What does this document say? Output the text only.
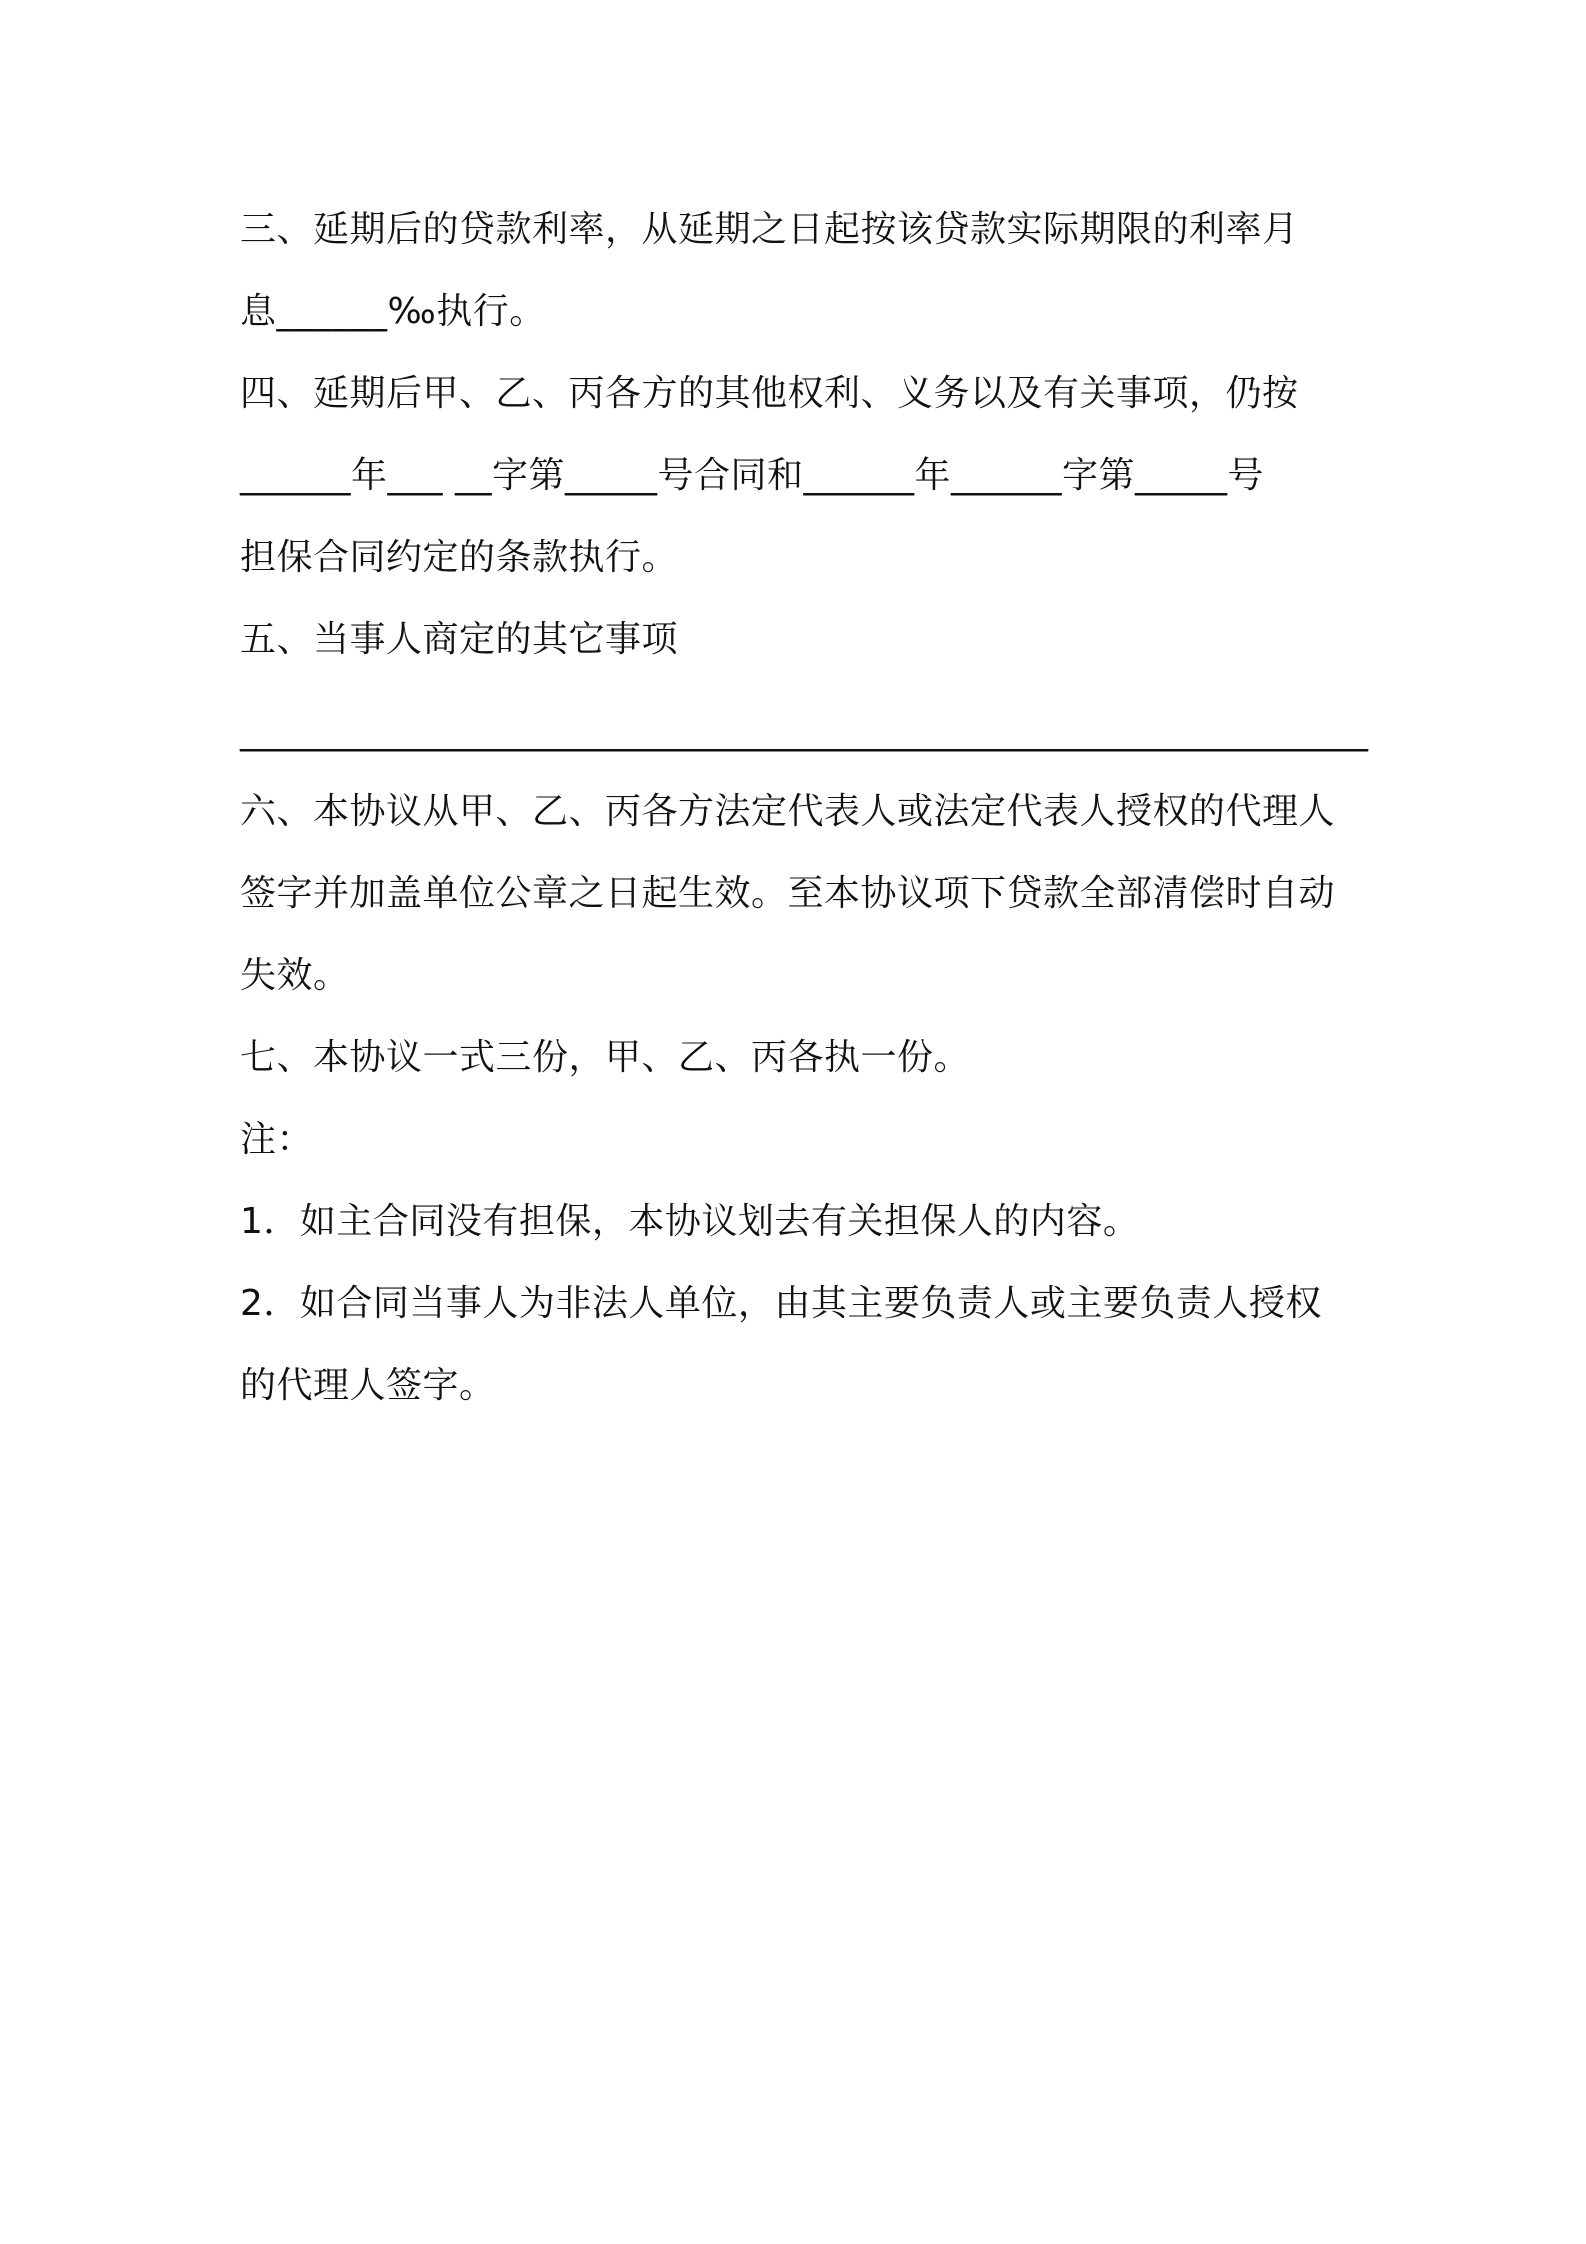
三、延期后的贷款利率，从延期之日起按该贷款实际期限的利率月
息______‰执行。
四、延期后甲、乙、丙各方的其他权利、义务以及有关事项，仍按
______年___ __字第_____号合同和______年______字第_____号
担保合同约定的条款执行。
五、当事人商定的其它事项
_____________________________________________________________
六、本协议从甲、乙、丙各方法定代表人或法定代表人授权的代理人
签字并加盖单位公章之日起生效。至本协议项下贷款全部清偿时自动
失效。
七、本协议一式三份，甲、乙、丙各执一份。
注：
1．如主合同没有担保，本协议划去有关担保人的内容。
2．如合同当事人为非法人单位，由其主要负责人或主要负责人授权
的代理人签字。
